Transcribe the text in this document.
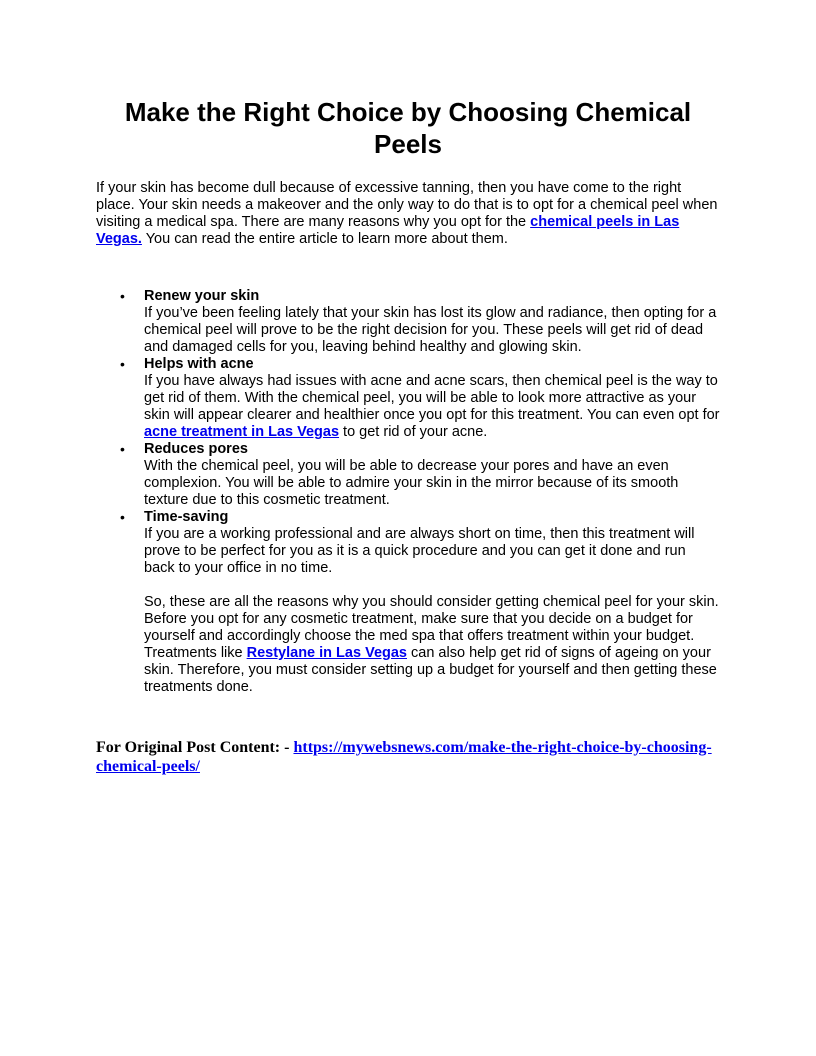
Make the Right Choice by Choosing Chemical Peels

If your skin has become dull because of excessive tanning, then you have come to the right place. Your skin needs a makeover and the only way to do that is to opt for a chemical peel when visiting a medical spa. There are many reasons why you opt for the chemical peels in Las Vegas. You can read the entire article to learn more about them.

• Renew your skin
If you’ve been feeling lately that your skin has lost its glow and radiance, then opting for a chemical peel will prove to be the right decision for you. These peels will get rid of dead and damaged cells for you, leaving behind healthy and glowing skin.
• Helps with acne
If you have always had issues with acne and acne scars, then chemical peel is the way to get rid of them. With the chemical peel, you will be able to look more attractive as your skin will appear clearer and healthier once you opt for this treatment. You can even opt for acne treatment in Las Vegas to get rid of your acne.
• Reduces pores
With the chemical peel, you will be able to decrease your pores and have an even complexion. You will be able to admire your skin in the mirror because of its smooth texture due to this cosmetic treatment.
• Time-saving
If you are a working professional and are always short on time, then this treatment will prove to be perfect for you as it is a quick procedure and you can get it done and run back to your office in no time.

So, these are all the reasons why you should consider getting chemical peel for your skin. Before you opt for any cosmetic treatment, make sure that you decide on a budget for yourself and accordingly choose the med spa that offers treatment within your budget. Treatments like Restylane in Las Vegas can also help get rid of signs of ageing on your skin. Therefore, you must consider setting up a budget for yourself and then getting these treatments done.

For Original Post Content: - https://mywebsnews.com/make-the-right-choice-by-choosing-chemical-peels/
